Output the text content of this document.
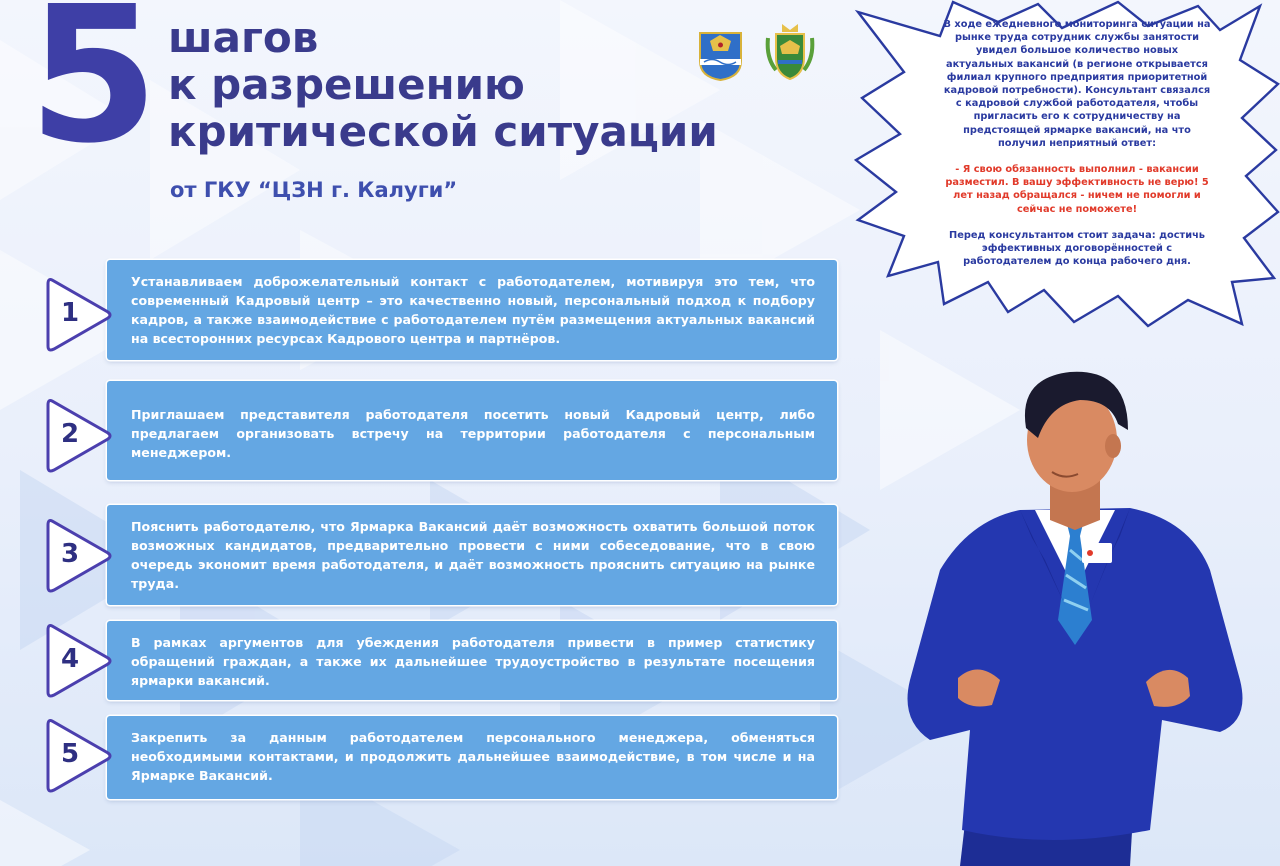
5 шагов
к разрешению
критической ситуации
от ГКУ “ЦЗН г. Калуги”

В ходе ежедневного мониторинга ситуации на рынке труда сотрудник службы занятости увидел большое количество новых актуальных вакансий (в регионе открывается филиал крупного предприятия приоритетной кадровой потребности). Консультант связался с кадровой службой работодателя, чтобы пригласить его к сотрудничеству на предстоящей ярмарке вакансий, на что получил неприятный ответ:

- Я свою обязанность выполнил - вакансии разместил. В вашу эффективность не верю! 5 лет назад обращался - ничем не помогли и сейчас не поможете!

Перед консультантом стоит задача: достичь эффективных договорённостей с работодателем до конца рабочего дня.

Устанавливаем доброжелательный контакт с работодателем, мотивируя это тем, что современный Кадровый центр – это качественно новый, персональный подход к подбору кадров, а также взаимодействие с работодателем путём размещения актуальных вакансий на всесторонних ресурсах Кадрового центра и партнёров.
1
Приглашаем представителя работодателя посетить новый Кадровый центр, либо предлагаем организовать встречу на территории работодателя с персональным менеджером.
2
Пояснить работодателю, что Ярмарка Вакансий даёт возможность охватить большой поток возможных кандидатов, предварительно провести с ними собеседование, что в свою очередь экономит время работодателя, и даёт возможность прояснить ситуацию на рынке труда.
3
В рамках аргументов для убеждения работодателя привести в пример статистику обращений граждан, а также их дальнейшее трудоустройство в результате посещения ярмарки вакансий.
4
Закрепить за данным работодателем персонального менеджера, обменяться необходимыми контактами, и продолжить дальнейшее взаимодействие, в том числе и на Ярмарке Вакансий.
5
